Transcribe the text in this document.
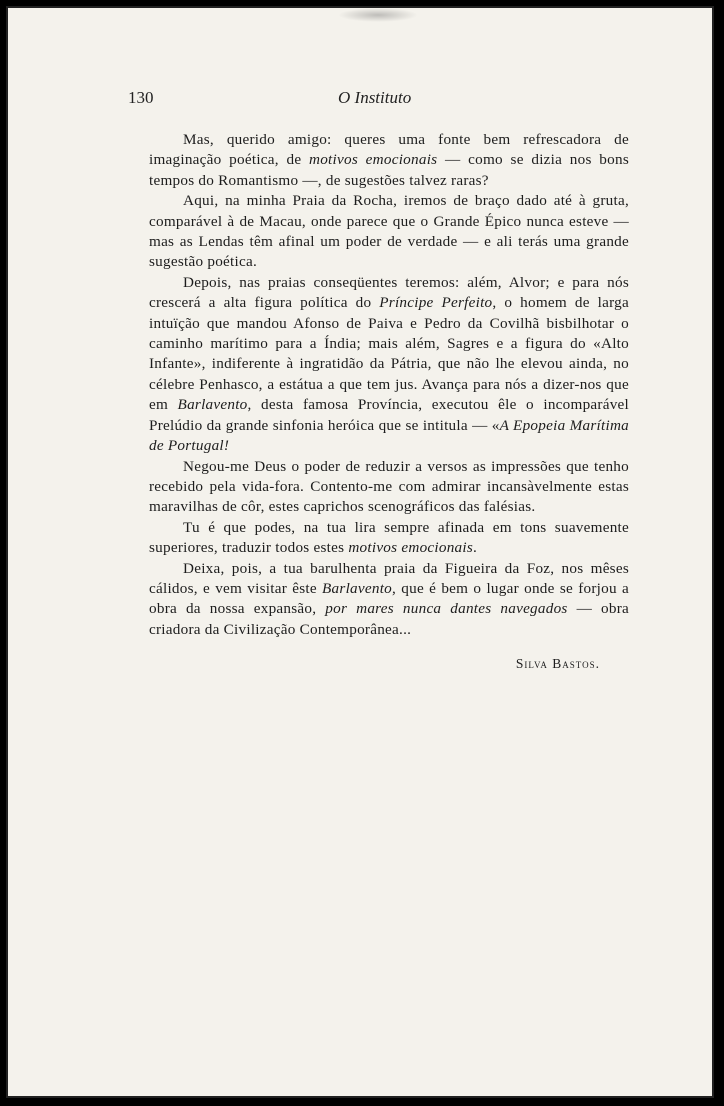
130	O Instituto

Mas, querido amigo: queres uma fonte bem refrescadora de imaginação poética, de motivos emocionais — como se dizia nos bons tempos do Romantismo —, de sugestões talvez raras?

Aqui, na minha Praia da Rocha, iremos de braço dado até à gruta, comparável à de Macau, onde parece que o Grande Épico nunca esteve — mas as Lendas têm afinal um poder de verdade — e ali terás uma grande sugestão poética.

Depois, nas praias conseqüentes teremos: além, Alvor; e para nós crescerá a alta figura política do Príncipe Perfeito, o homem de larga intuïção que mandou Afonso de Paiva e Pedro da Covilhã bisbilhotar o caminho marítimo para a Índia; mais além, Sagres e a figura do «Alto Infante», indiferente à ingratidão da Pátria, que não lhe elevou ainda, no célebre Penhasco, a estátua a que tem jus. Avança para nós a dizer-nos que em Barlavento, desta famosa Província, executou êle o incomparável Prelúdio da grande sinfonia heróica que se intitula — «A Epopeia Marítima de Portugal!

Negou-me Deus o poder de reduzir a versos as impressões que tenho recebido pela vida-fora. Contento-me com admirar incansàvelmente estas maravilhas de côr, estes caprichos scenográficos das falésias.

Tu é que podes, na tua lira sempre afinada em tons suavemente superiores, traduzir todos estes motivos emocionais.

Deixa, pois, a tua barulhenta praia da Figueira da Foz, nos mêses cálidos, e vem visitar êste Barlavento, que é bem o lugar onde se forjou a obra da nossa expansão, por mares nunca dantes navegados — obra criadora da Civilização Contemporânea...

Silva Bastos.
